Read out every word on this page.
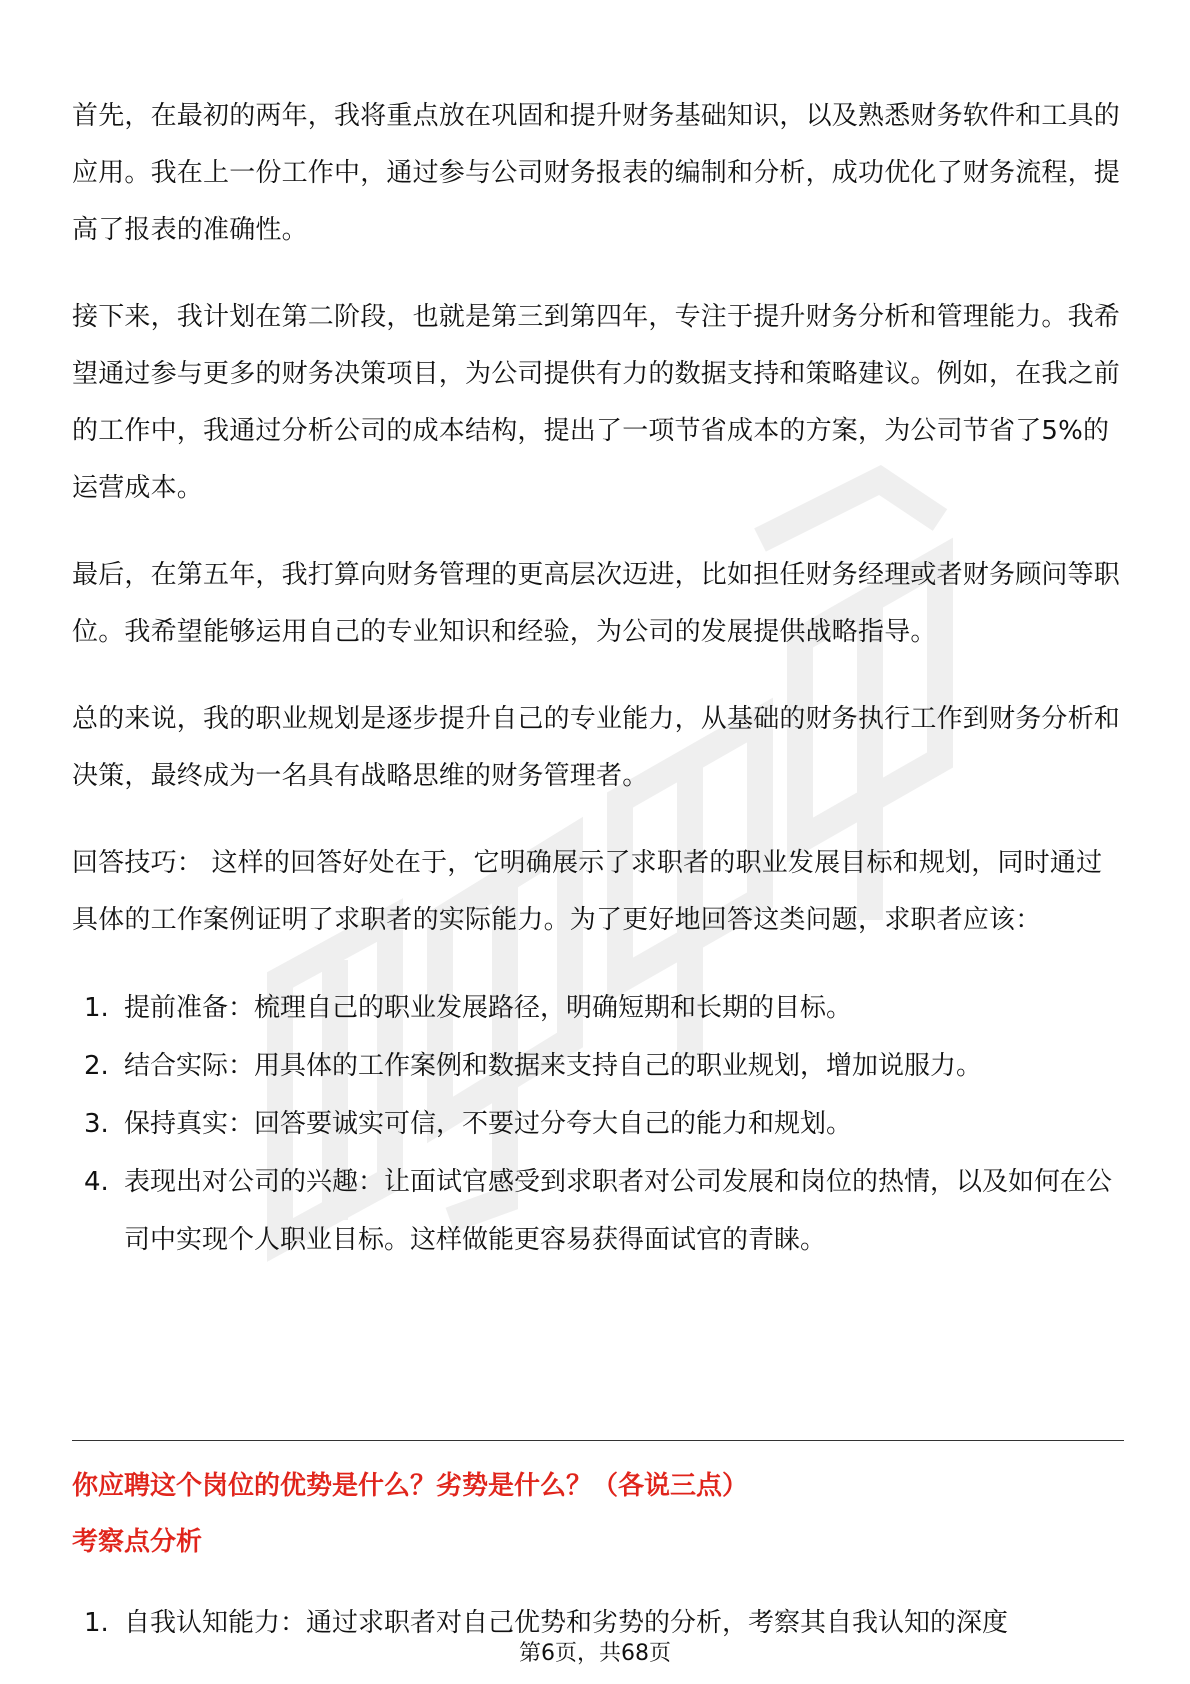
首先，在最初的两年，我将重点放在巩固和提升财务基础知识，以及熟悉财务软件和工具的应用。我在上一份工作中，通过参与公司财务报表的编制和分析，成功优化了财务流程，提高了报表的准确性。

接下来，我计划在第二阶段，也就是第三到第四年，专注于提升财务分析和管理能力。我希望通过参与更多的财务决策项目，为公司提供有力的数据支持和策略建议。例如，在我之前的工作中，我通过分析公司的成本结构，提出了一项节省成本的方案，为公司节省了5%的运营成本。

最后，在第五年，我打算向财务管理的更高层次迈进，比如担任财务经理或者财务顾问等职位。我希望能够运用自己的专业知识和经验，为公司的发展提供战略指导。

总的来说，我的职业规划是逐步提升自己的专业能力，从基础的财务执行工作到财务分析和决策，最终成为一名具有战略思维的财务管理者。

回答技巧： 这样的回答好处在于，它明确展示了求职者的职业发展目标和规划，同时通过具体的工作案例证明了求职者的实际能力。为了更好地回答这类问题，求职者应该：

1. 提前准备：梳理自己的职业发展路径，明确短期和长期的目标。
2. 结合实际：用具体的工作案例和数据来支持自己的职业规划，增加说服力。
3. 保持真实：回答要诚实可信，不要过分夸大自己的能力和规划。
4. 表现出对公司的兴趣：让面试官感受到求职者对公司发展和岗位的热情，以及如何在公司中实现个人职业目标。这样做能更容易获得面试官的青睐。
你应聘这个岗位的优势是什么？劣势是什么？（各说三点）
考察点分析
1. 自我认知能力：通过求职者对自己优势和劣势的分析，考察其自我认知的深度
第6页，共68页
